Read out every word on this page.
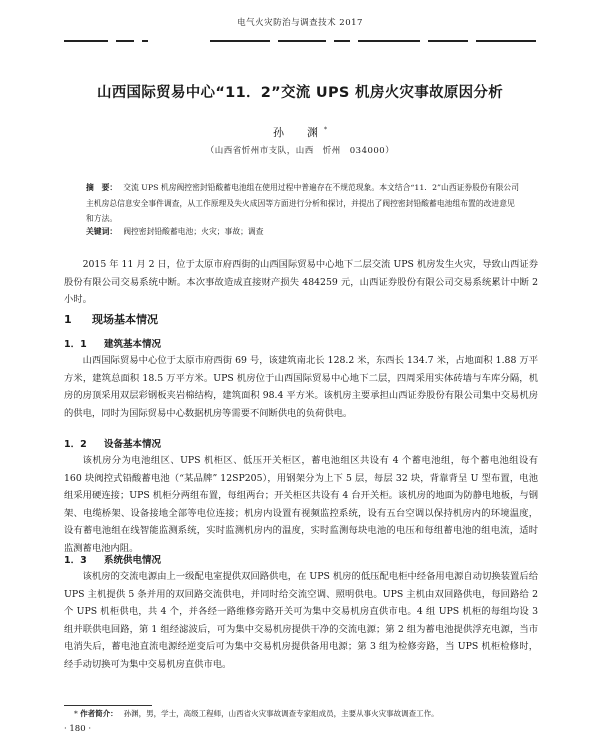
电气火灾防治与调查技术 2017
山西国际贸易中心“11．2”交流 UPS 机房火灾事故原因分析
孙　渊*
（山西省忻州市支队，山西　忻州　034000）
摘　要： 交流 UPS 机房阀控密封铅酸蓄电池组在使用过程中普遍存在不规范现象。本文结合“11．2”山西证券股份有限公司主机房总信息安全事件调查，从工作原理及失火成因等方面进行分析和探讨，并提出了阀控密封铅酸蓄电池组布置的改进意见和方法。
关键词： 阀控密封铅酸蓄电池；火灾；事故；调查
2015 年 11 月 2 日，位于太原市府西街的山西国际贸易中心地下二层交流 UPS 机房发生火灾，导致山西证券股份有限公司交易系统中断。本次事故造成直接财产损失 484259 元，山西证券股份有限公司交易系统累计中断 2 小时。
1 现场基本情况
1．1 建筑基本情况
山西国际贸易中心位于太原市府西街 69 号，该建筑南北长 128.2 米，东西长 134.7 米，占地面积 1.88 万平方米，建筑总面积 18.5 万平方米。UPS 机房位于山西国际贸易中心地下二层，四周采用实体砖墙与车库分隔，机房的房顶采用双层彩钢板夹岩棉结构，建筑面积 98.4 平方米。该机房主要承担山西证券股份有限公司集中交易机房的供电，同时为国际贸易中心数据机房等需要不间断供电的负荷供电。
1．2 设备基本情况
该机房分为电池组区、UPS 机柜区、低压开关柜区，蓄电池组区共设有 4 个蓄电池组，每个蓄电池组设有 160 块阀控式铅酸蓄电池（“某品牌” 12SP205），用钢架分为上下 5 层，每层 32 块，背靠背呈 U 型布置，电池组采用硬连接；UPS 机柜分两组布置，每组两台；开关柜区共设有 4 台开关柜。该机房的地面为防静电地板，与钢架、电缆桥架、设备接地全部等电位连接；机房内设置有视频监控系统，设有五台空调以保持机房内的环境温度，设有蓄电池组在线智能监测系统，实时监测机房内的温度，实时监测每块电池的电压和每组蓄电池的组电流，适时监测蓄电池内阻。
1．3 系统供电情况
该机房的交流电源由上一级配电室提供双回路供电，在 UPS 机房的低压配电柜中经备用电源自动切换装置后给 UPS 主机提供 5 条并用的双回路交流供电，并同时给交流空调、照明供电。UPS 主机由双回路供电，每回路给 2 个 UPS 机柜供电，共 4 个，并各经一路维修旁路开关可为集中交易机房直供市电。4 组 UPS 机柜的每组均设 3 组并联供电回路，第 1 组经滤波后，可为集中交易机房提供干净的交流电源；第 2 组为蓄电池提供浮充电源，当市电消失后，蓄电池直流电源经逆变后可为集中交易机房提供备用电源；第 3 组为检修旁路，当 UPS 机柜检修时，经手动切换可为集中交易机房直供市电。
* 作者简介： 孙渊，男，学士，高级工程师，山西省火灾事故调查专家组成员，主要从事火灾事故调查工作。
· 180 ·
